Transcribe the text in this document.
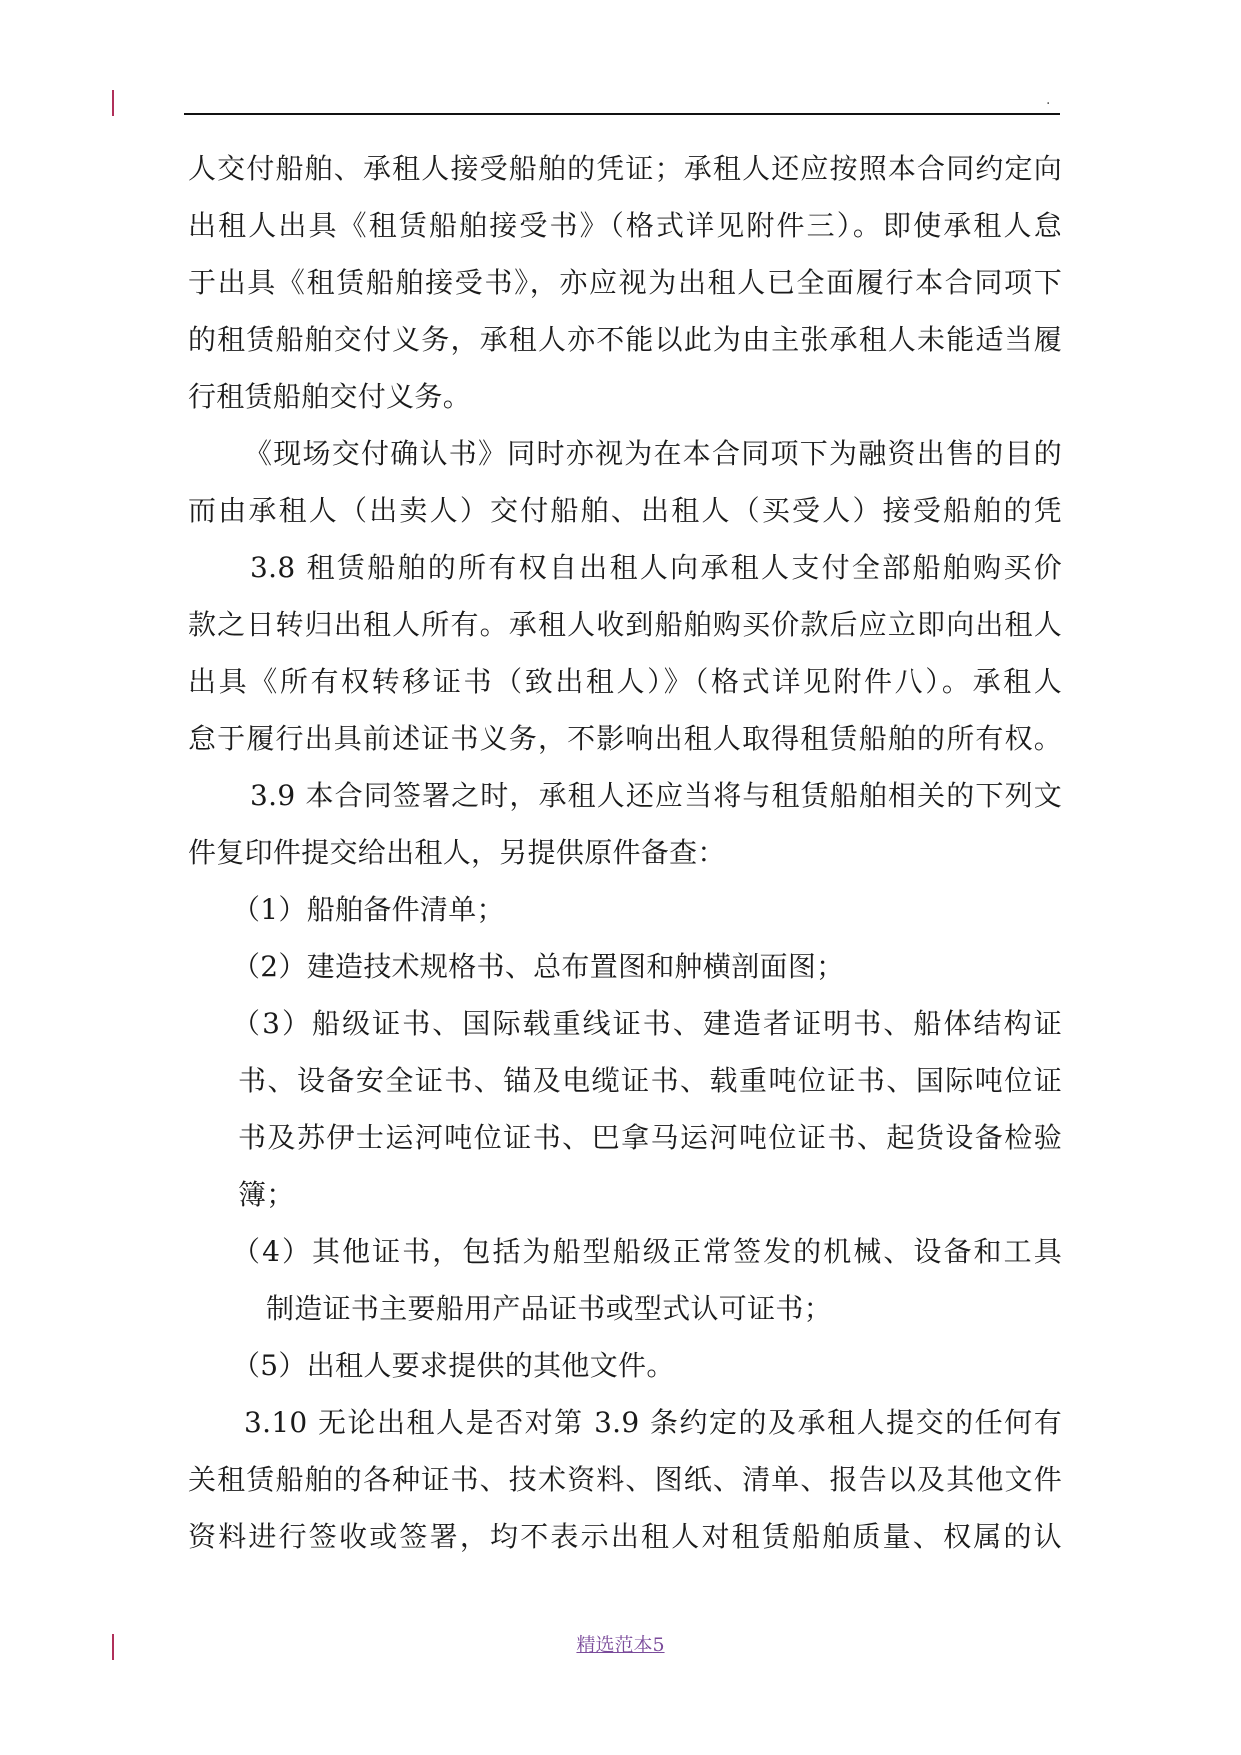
.
人交付船舶、承租人接受船舶的凭证；承租人还应按照本合同约定向
出租人出具《租赁船舶接受书》（格式详见附件三）。即使承租人怠
于出具《租赁船舶接受书》，亦应视为出租人已全面履行本合同项下
的租赁船舶交付义务，承租人亦不能以此为由主张承租人未能适当履
行租赁船舶交付义务。
《现场交付确认书》同时亦视为在本合同项下为融资出售的目的
而由承租人（出卖人）交付船舶、出租人（买受人）接受船舶的凭
3.8 租赁船舶的所有权自出租人向承租人支付全部船舶购买价
款之日转归出租人所有。承租人收到船舶购买价款后应立即向出租人
出具《所有权转移证书（致出租人）》（格式详见附件八）。承租人
怠于履行出具前述证书义务，不影响出租人取得租赁船舶的所有权。
3.9 本合同签署之时，承租人还应当将与租赁船舶相关的下列文
件复印件提交给出租人，另提供原件备查：
（1）船舶备件清单；
（2）建造技术规格书、总布置图和舯横剖面图；
（3）船级证书、国际载重线证书、建造者证明书、船体结构证
书、设备安全证书、锚及电缆证书、载重吨位证书、国际吨位证
书及苏伊士运河吨位证书、巴拿马运河吨位证书、起货设备检验
簿；
（4）其他证书，包括为船型船级正常签发的机械、设备和工具
制造证书主要船用产品证书或型式认可证书；
（5）出租人要求提供的其他文件。
3.10 无论出租人是否对第 3.9 条约定的及承租人提交的任何有
关租赁船舶的各种证书、技术资料、图纸、清单、报告以及其他文件
资料进行签收或签署，均不表示出租人对租赁船舶质量、权属的认
精选范本5
